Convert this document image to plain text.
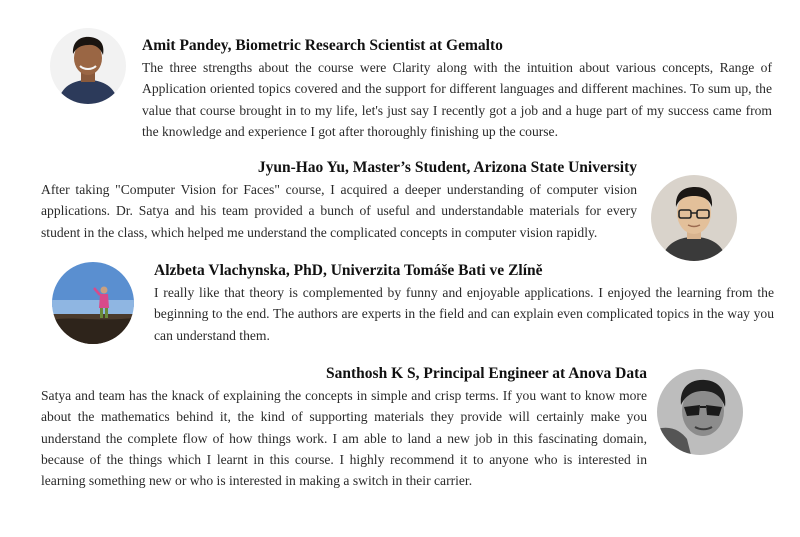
Amit Pandey, Biometric Research Scientist at Gemalto
The three strengths about the course were Clarity along with the intuition about various concepts, Range of Application oriented topics covered and the support for different languages and different machines. To sum up, the value that course brought in to my life, let's just say I recently got a job and a huge part of my success came from the knowledge and experience I got after thoroughly finishing up the course.
Jyun-Hao Yu, Master’s Student, Arizona State University
After taking "Computer Vision for Faces" course, I acquired a deeper understanding of computer vision applications. Dr. Satya and his team provided a bunch of useful and understandable materials for every student in the class, which helped me understand the complicated concepts in computer vision rapidly.
Alzbeta Vlachynska, PhD, Univerzita Tomáše Bati ve Zlíně
I really like that theory is complemented by funny and enjoyable applications. I enjoyed the learning from the beginning to the end. The authors are experts in the field and can explain even complicated topics in the way you can understand them.
Santhosh K S, Principal Engineer at Anova Data
Satya and team has the knack of explaining the concepts in simple and crisp terms. If you want to know more about the mathematics behind it, the kind of supporting materials they provide will certainly make you understand the complete flow of how things work. I am able to land a new job in this fascinating domain, because of the things which I learnt in this course. I highly recommend it to anyone who is interested in learning something new or who is interested in making a switch in their carrier.
